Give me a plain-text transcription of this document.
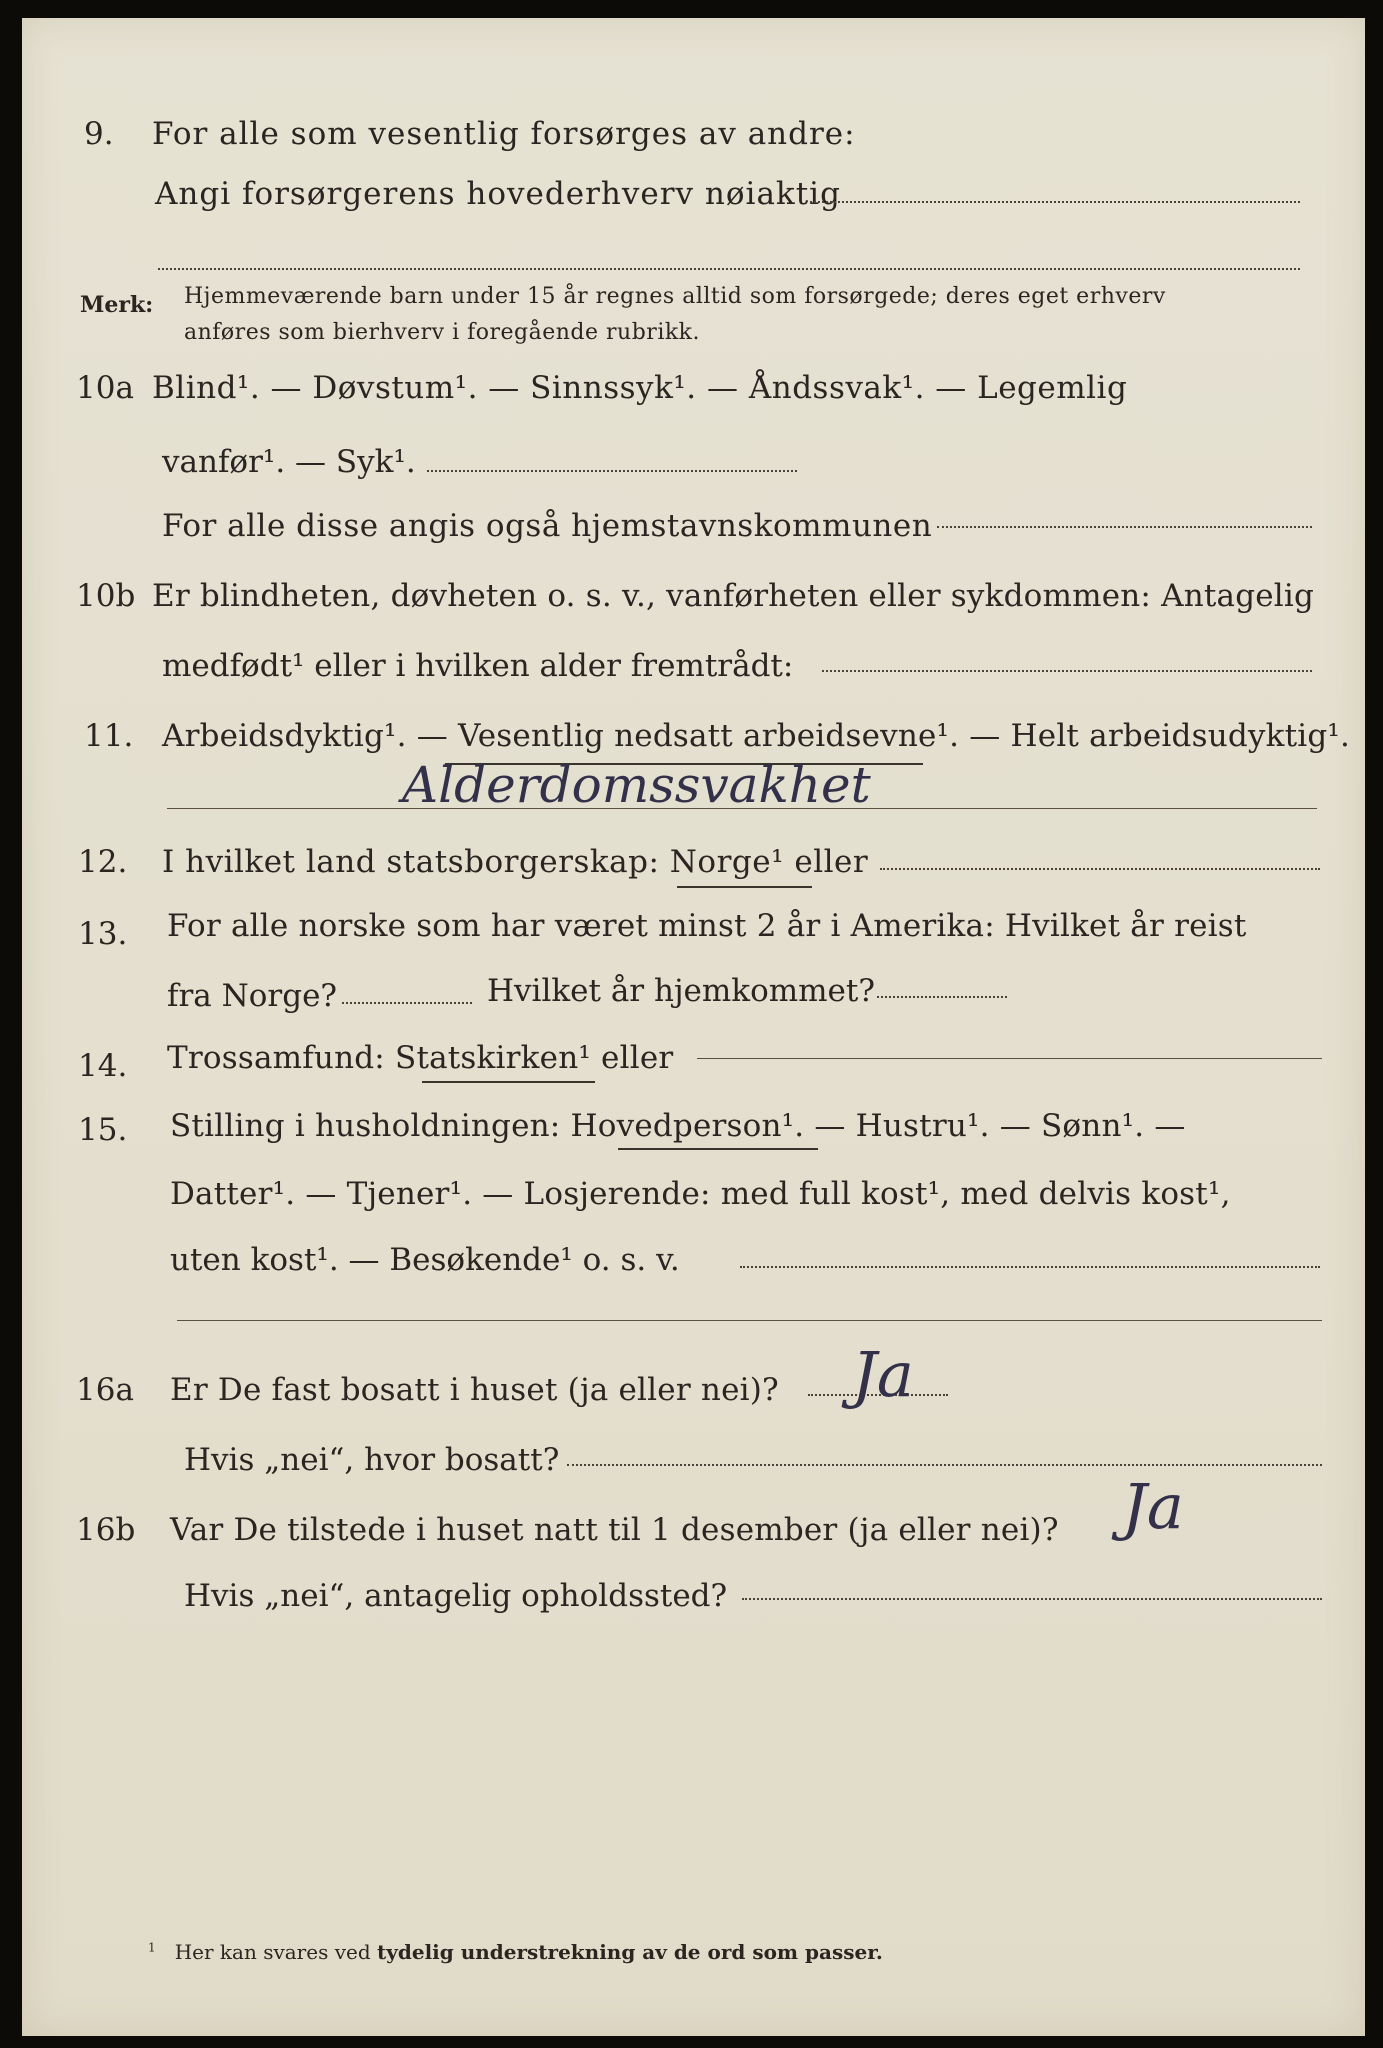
9. For alle som vesentlig forsørges av andre:
Angi forsørgerens hovederhverv nøiaktig
Merk: Hjemmeværende barn under 15 år regnes alltid som forsørgede; deres eget erhverv
anføres som bierhverv i foregående rubrikk.
10a Blind¹. — Døvstum¹. — Sinnssyk¹. — Åndssvak¹. — Legemlig
vanfør¹. — Syk¹.
For alle disse angis også hjemstavnskommunen
10b Er blindheten, døvheten o. s. v., vanførheten eller sykdommen: Antagelig
medfødt¹ eller i hvilken alder fremtrådt:
11. Arbeidsdyktig¹. — Vesentlig nedsatt arbeidsevne¹. — Helt arbeidsudyktig¹.
Alderdomssvakhet
12. I hvilket land statsborgerskap: Norge¹ eller
13. For alle norske som har været minst 2 år i Amerika: Hvilket år reist
fra Norge?	Hvilket år hjemkommet?
14. Trossamfund: Statskirken¹ eller
15. Stilling i husholdningen: Hovedperson¹. — Hustru¹. — Sønn¹. —
Datter¹. — Tjener¹. — Losjerende: med full kost¹, med delvis kost¹,
uten kost¹. — Besøkende¹ o. s. v.
16a Er De fast bosatt i huset (ja eller nei)? Ja
Hvis „nei“, hvor bosatt?
16b Var De tilstede i huset natt til 1 desember (ja eller nei)? Ja
Hvis „nei“, antagelig opholdssted?
$^1$ Her kan svares ved tydelig understrekning av de ord som passer.
